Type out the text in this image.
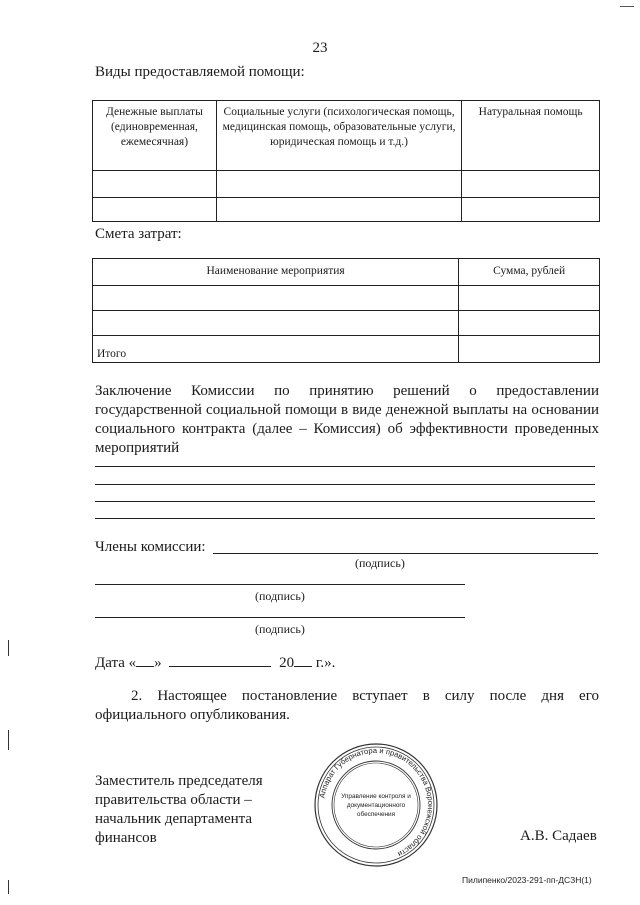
23
Виды предоставляемой помощи:
Денежные выплаты (единовременная, ежемесячная)	Социальные услуги (психологическая помощь, медицинская помощь, образовательные услуги, юридическая помощь и т.д.)	Натуральная помощь

Смета затрат:
Наименование мероприятия	Сумма, рублей

Итого	
Заключение Комиссии по принятию решений о предоставлении государственной социальной помощи в виде денежной выплаты на основании социального контракта (далее – Комиссия) об эффективности проведенных мероприятий
Члены комиссии:
(подпись)
(подпись)
(подпись)
Дата « »	20 г.».
2. Настоящее постановление вступает в силу после дня его официального опубликования.
Заместитель председателя
правительства области –
начальник департамента
финансов
Аппарат Губернатора и правительства Воронежской области
Управление контроля и
документационного
обеспечения
А.В. Садаев
Пилипенко/2023-291-пп-ДСЗН(1)
